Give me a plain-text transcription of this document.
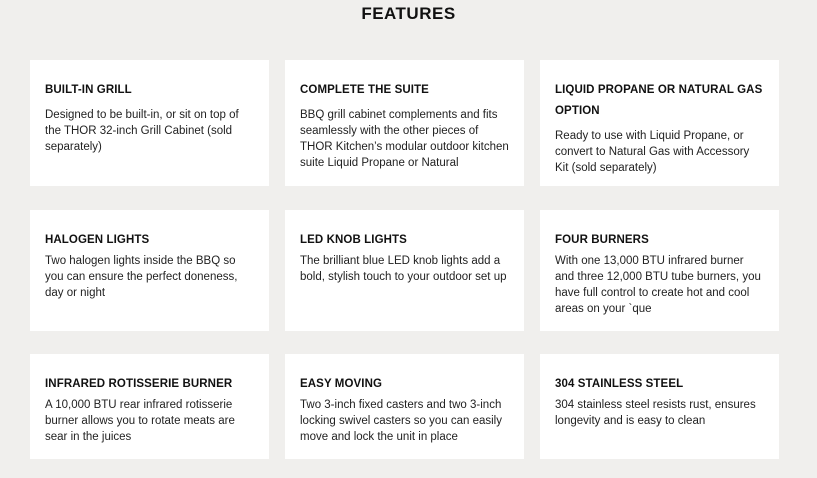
FEATURES
BUILT-IN GRILL

Designed to be built-in, or sit on top of the THOR 32-inch Grill Cabinet (sold separately)

COMPLETE THE SUITE

BBQ grill cabinet complements and fits seamlessly with the other pieces of THOR Kitchen’s modular outdoor kitchen suite Liquid Propane or Natural

LIQUID PROPANE OR NATURAL GAS OPTION

Ready to use with Liquid Propane, or convert to Natural Gas with Accessory Kit (sold separately)

HALOGEN LIGHTS

Two halogen lights inside the BBQ so you can ensure the perfect doneness, day or night

LED KNOB LIGHTS

The brilliant blue LED knob lights add a bold, stylish touch to your outdoor set up

FOUR BURNERS

With one 13,000 BTU infrared burner and three 12,000 BTU tube burners, you have full control to create hot and cool areas on your `que

INFRARED ROTISSERIE BURNER

A 10,000 BTU rear infrared rotisserie burner allows you to rotate meats are sear in the juices

EASY MOVING

Two 3-inch fixed casters and two 3-inch locking swivel casters so you can easily move and lock the unit in place

304 STAINLESS STEEL

304 stainless steel resists rust, ensures longevity and is easy to clean
